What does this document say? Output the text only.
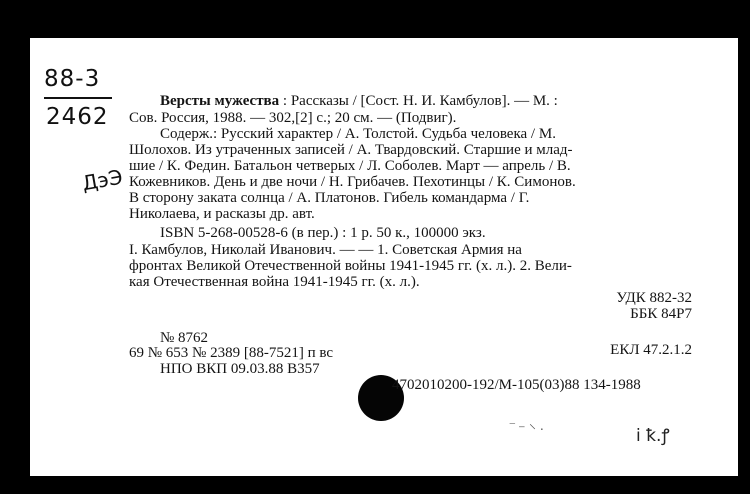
88-3
2462
ДэЭ
Версты мужества : Рассказы / [Сост. Н. И. Камбулов]. — М. :
Сов. Россия, 1988. — 302,[2] с.; 20 см. — (Подвиг).
Содерж.: Русский характер / А. Толстой. Судьба человека / М.
Шолохов. Из утраченных записей / А. Твардовский. Старшие и млад-
шие / К. Федин. Батальон четверых / Л. Соболев. Март — апрель / В.
Кожевников. День и две ночи / Н. Грибачев. Пехотинцы / К. Симонов.
В сторону заката солнца / А. Платонов. Гибель командарма / Г.
Николаева, и расказы др. авт.
ISBN 5-268-00528-6 (в пер.) : 1 р. 50 к., 100000 экз.
I. Камбулов, Николай Иванович. — — 1. Советская Армия на
фронтах Великой Отечественной войны 1941-1945 гг. (х. л.). 2. Вели-
кая Отечественная война 1941-1945 гг. (х. л.).
УДК 882-32
ББК 84Р7
№ 8762
69 № 653 № 2389 [88-7521] п вс	ЕКЛ 47.2.1.2
НПО ВКП 09.03.88 В357
4702010200-192/М-105(03)88 134-1988
‾ ⁻ ⸌ ·	i ꝁ.ꝭ
